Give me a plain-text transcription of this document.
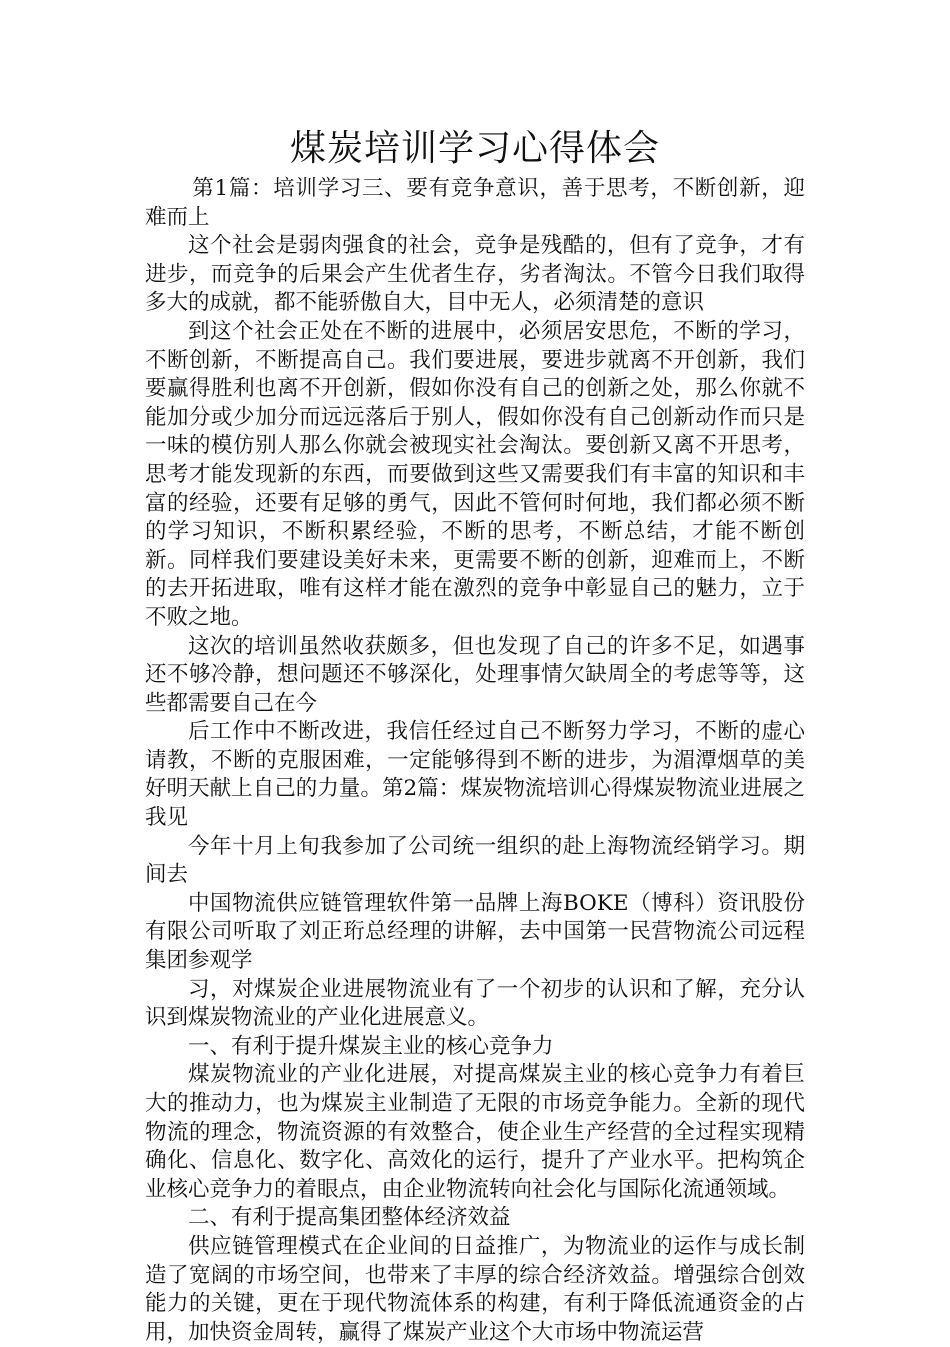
煤炭培训学习心得体会

第1篇：培训学习三、要有竞争意识，善于思考，不断创新，迎难而上

这个社会是弱肉强食的社会，竞争是残酷的，但有了竞争，才有进步，而竞争的后果会产生优者生存，劣者淘汰。不管今日我们取得多大的成就，都不能骄傲自大，目中无人，必须清楚的意识

到这个社会正处在不断的进展中，必须居安思危，不断的学习，不断创新，不断提高自己。我们要进展，要进步就离不开创新，我们要赢得胜利也离不开创新，假如你没有自己的创新之处，那么你就不能加分或少加分而远远落后于别人，假如你没有自己创新动作而只是一味的模仿别人那么你就会被现实社会淘汰。要创新又离不开思考，思考才能发现新的东西，而要做到这些又需要我们有丰富的知识和丰富的经验，还要有足够的勇气，因此不管何时何地，我们都必须不断的学习知识，不断积累经验，不断的思考，不断总结，才能不断创新。同样我们要建设美好未来，更需要不断的创新，迎难而上，不断的去开拓进取，唯有这样才能在激烈的竞争中彰显自己的魅力，立于不败之地。

这次的培训虽然收获颇多，但也发现了自己的许多不足，如遇事还不够冷静，想问题还不够深化，处理事情欠缺周全的考虑等等，这些都需要自己在今

后工作中不断改进，我信任经过自己不断努力学习，不断的虚心请教，不断的克服困难，一定能够得到不断的进步，为湄潭烟草的美好明天献上自己的力量。第2篇：煤炭物流培训心得煤炭物流业进展之我见

今年十月上旬我参加了公司统一组织的赴上海物流经销学习。期间去

中国物流供应链管理软件第一品牌上海BOKE（博科）资讯股份有限公司听取了刘正珩总经理的讲解，去中国第一民营物流公司远程集团参观学

习，对煤炭企业进展物流业有了一个初步的认识和了解，充分认识到煤炭物流业的产业化进展意义。

一、有利于提升煤炭主业的核心竞争力

煤炭物流业的产业化进展，对提高煤炭主业的核心竞争力有着巨大的推动力，也为煤炭主业制造了无限的市场竞争能力。全新的现代物流的理念，物流资源的有效整合，使企业生产经营的全过程实现精确化、信息化、数字化、高效化的运行，提升了产业水平。把构筑企业核心竞争力的着眼点，由企业物流转向社会化与国际化流通领域。

二、有利于提高集团整体经济效益

供应链管理模式在企业间的日益推广，为物流业的运作与成长制造了宽阔的市场空间，也带来了丰厚的综合经济效益。增强综合创效能力的关键，更在于现代物流体系的构建，有利于降低流通资金的占用，加快资金周转，赢得了煤炭产业这个大市场中物流运营
